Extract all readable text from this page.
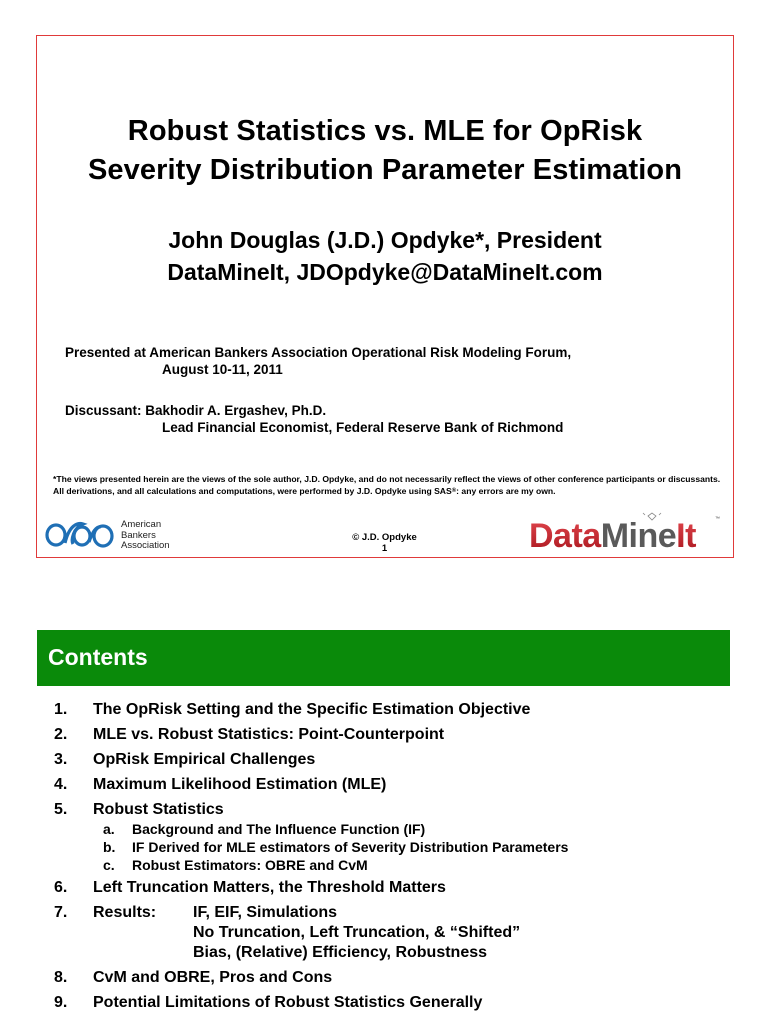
Robust Statistics vs. MLE for OpRisk
Severity Distribution Parameter Estimation
John Douglas (J.D.) Opdyke*, President
DataMineIt, JDOpdyke@DataMineIt.com
Presented at American Bankers Association Operational Risk Modeling Forum,
August 10-11, 2011
Discussant: Bakhodir A. Ergashev, Ph.D.
Lead Financial Economist, Federal Reserve Bank of Richmond
*The views presented herein are the views of the sole author, J.D. Opdyke, and do not necessarily reflect the views of other conference participants or discussants. All derivations, and all calculations and computations, were performed by J.D. Opdyke using SAS®: any errors are my own.
American
Bankers
Association
© J.D. Opdyke
1	DataMineIt	™
Contents
1.	The OpRisk Setting and the Specific Estimation Objective
2.	MLE vs. Robust Statistics: Point-Counterpoint
3.	OpRisk Empirical Challenges
4.	Maximum Likelihood Estimation (MLE)
5.	Robust Statistics
a.	Background and The Influence Function (IF)
b.	IF Derived for MLE estimators of Severity Distribution Parameters
c.	Robust Estimators: OBRE and CvM
6.	Left Truncation Matters, the Threshold Matters
7.	Results: IF, EIF, Simulations
No Truncation, Left Truncation, & “Shifted”
Bias, (Relative) Efficiency, Robustness
8.	CvM and OBRE, Pros and Cons
9.	Potential Limitations of Robust Statistics Generally
